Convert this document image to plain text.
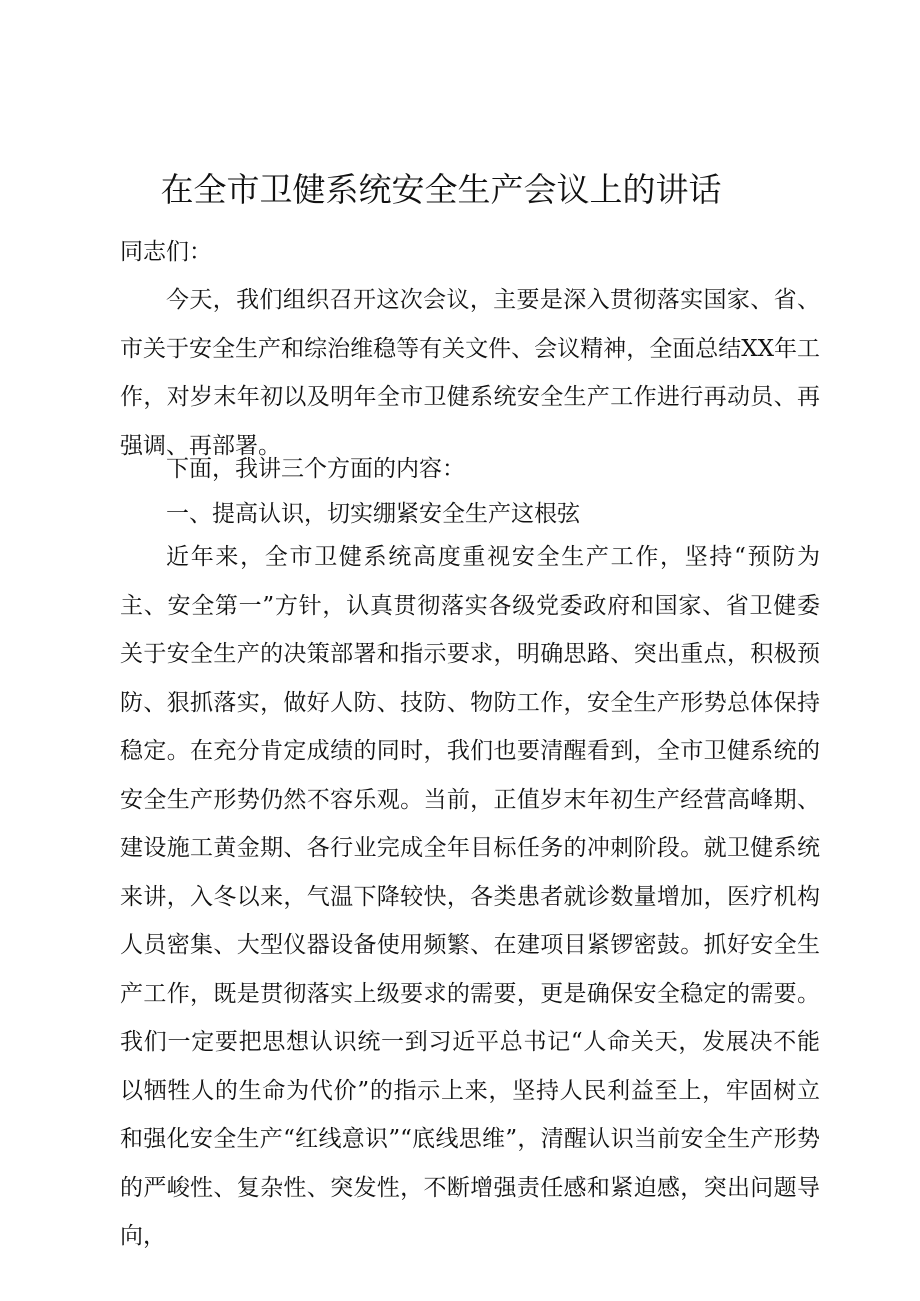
在全市卫健系统安全生产会议上的讲话

同志们：

今天，我们组织召开这次会议，主要是深入贯彻落实国家、省、市关于安全生产和综治维稳等有关文件、会议精神，全面总结XX年工作，对岁末年初以及明年全市卫健系统安全生产工作进行再动员、再强调、再部署。

下面，我讲三个方面的内容：

一、提高认识，切实绷紧安全生产这根弦

近年来，全市卫健系统高度重视安全生产工作，坚持“预防为主、安全第一”方针，认真贯彻落实各级党委政府和国家、省卫健委关于安全生产的决策部署和指示要求，明确思路、突出重点，积极预防、狠抓落实，做好人防、技防、物防工作，安全生产形势总体保持稳定。在充分肯定成绩的同时，我们也要清醒看到，全市卫健系统的安全生产形势仍然不容乐观。当前，正值岁末年初生产经营高峰期、建设施工黄金期、各行业完成全年目标任务的冲刺阶段。就卫健系统来讲，入冬以来，气温下降较快，各类患者就诊数量增加，医疗机构人员密集、大型仪器设备使用频繁、在建项目紧锣密鼓。抓好安全生产工作，既是贯彻落实上级要求的需要，更是确保安全稳定的需要。我们一定要把思想认识统一到习近平总书记“人命关天，发展决不能以牺牲人的生命为代价”的指示上来，坚持人民利益至上，牢固树立和强化安全生产“红线意识”“底线思维”，清醒认识当前安全生产形势的严峻性、复杂性、突发性，不断增强责任感和紧迫感，突出问题导向，
